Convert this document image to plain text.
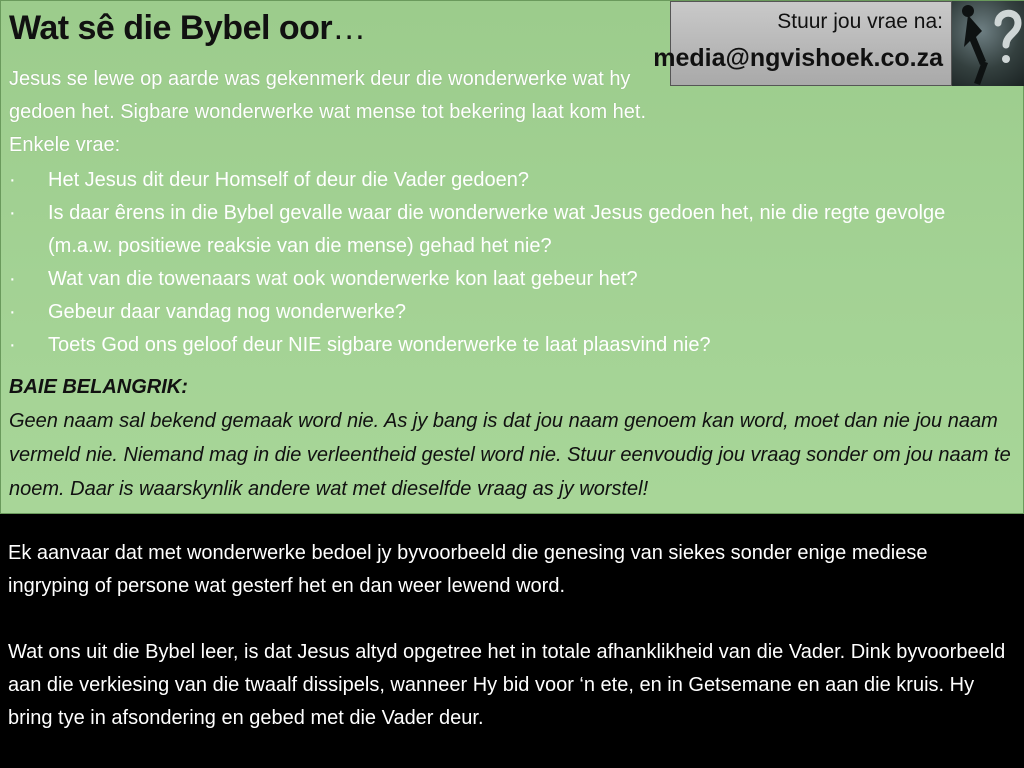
Wat sê die Bybel oor…	Stuur jou vrae na:
media@ngvishoek.co.za

Jesus se lewe op aarde was gekenmerk deur die wonderwerke wat hy

gedoen het. Sigbare wonderwerke wat mense tot bekering laat kom het.

Enkele vrae:

· Het Jesus dit deur Homself of deur die Vader gedoen?
· Is daar êrens in die Bybel gevalle waar die wonderwerke wat Jesus gedoen het, nie die regte gevolge (m.a.w. positiewe reaksie van die mense) gehad het nie?
· Wat van die towenaars wat ook wonderwerke kon laat gebeur het?
· Gebeur daar vandag nog wonderwerke?
· Toets God ons geloof deur NIE sigbare wonderwerke te laat plaasvind nie?
BAIE BELANGRIK:
Geen naam sal bekend gemaak word nie. As jy bang is dat jou naam genoem kan word, moet dan nie jou naam vermeld nie. Niemand mag in die verleentheid gestel word nie. Stuur eenvoudig jou vraag sonder om jou naam te noem. Daar is waarskynlik andere wat met dieselfde vraag as jy worstel!

Ek aanvaar dat met wonderwerke bedoel jy byvoorbeeld die genesing van siekes sonder enige mediese ingryping of persone wat gesterf het en dan weer lewend word.

Wat ons uit die Bybel leer, is dat Jesus altyd opgetree het in totale afhanklikheid van die Vader. Dink byvoorbeeld aan die verkiesing van die twaalf dissipels, wanneer Hy bid voor ‘n ete, en in Getsemane en aan die kruis. Hy bring tye in afsondering en gebed met die Vader deur.
